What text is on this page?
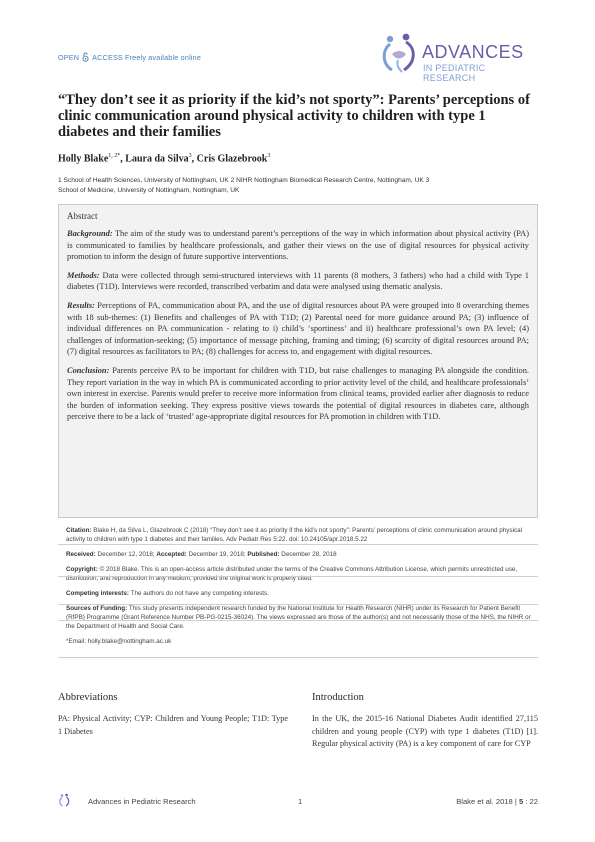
OPEN ACCESS Freely available online	ADVANCES
IN PEDIATRIC RESEARCH
“They don’t see it as priority if the kid’s not sporty”: Parents’ perceptions of clinic communication around physical activity to children with type 1 diabetes and their families
Holly Blake$^{1, 2*}$, Laura da Silva$^3$, Cris Glazebrook$^3$
1 School of Health Sciences, University of Nottingham, UK 2 NIHR Nottingham Biomedical Research Centre, Nottingham, UK 3
School of Medicine, University of Nottingham, Nottingham, UK
Abstract

Background: The aim of the study was to understand parent’s perceptions of the way in which information about physical activity (PA) is communicated to families by healthcare professionals, and gather their views on the use of digital resources for physical activity promotion to inform the design of future supportive interventions.

Methods: Data were collected through semi-structured interviews with 11 parents (8 mothers, 3 fathers) who had a child with Type 1 diabetes (T1D). Interviews were recorded, transcribed verbatim and data were analysed using thematic analysis.

Results: Perceptions of PA, communication about PA, and the use of digital resources about PA were grouped into 8 overarching themes with 18 sub-themes: (1) Benefits and challenges of PA with T1D; (2) Parental need for more guidance around PA; (3) influence of individual differences on PA communication - relating to i) child’s ‘sportiness’ and ii) healthcare professional’s own PA level; (4) challenges of information-seeking; (5) importance of message pitching, framing and timing; (6) scarcity of digital resources around PA; (7) digital resources as facilitators to PA; (8) challenges for access to, and engagement with digital resources.

Conclusion: Parents perceive PA to be important for children with T1D, but raise challenges to managing PA alongside the condition. They report variation in the way in which PA is communicated according to prior activity level of the child, and healthcare professionals’ own interest in exercise. Parents would prefer to receive more information from clinical teams, provided earlier after diagnosis to reduce the burden of information seeking. They express positive views towards the potential of digital resources in diabetes care, although perceive there to be a lack of ‘trusted’ age-appropriate digital resources for PA promotion in children with T1D.

Citation: Blake H, da Silva L, Glazebrook C (2018) “They don’t see it as priority if the kid’s not sporty”: Parents’ perceptions of clinic communication around physical activity to children with type 1 diabetes and their families. Adv Pediatr Res 5:22. doi: 10.24105/apr.2018.5.22
Received: December 12, 2018; Accepted: December 19, 2018; Published: December 28, 2018
Copyright: © 2018 Blake. This is an open-access article distributed under the terms of the Creative Commons Attribution License, which permits unrestricted use, distribution, and reproduction in any medium, provided the original work is properly cited.
Competing interests: The authors do not have any competing interests.
Sources of Funding: This study presents independent research funded by the National Institute for Health Research (NIHR) under its Research for Patient Benefit (RfPB) Programme (Grant Reference Number PB-PG-0215-36024). The views expressed are those of the author(s) and not necessarily those of the NHS, the NIHR or the Department of Health and Social Care.
*Email: holly.blake@nottingham.ac.uk
Abbreviations

PA: Physical Activity; CYP: Children and Young People; T1D: Type 1 Diabetes

Introduction

In the UK, the 2015-16 National Diabetes Audit identified 27,115 children and young people (CYP) with type 1 diabetes (T1D) [1]. Regular physical activity (PA) is a key component of care for CYP

Advances in Pediatric Research	1	Blake et al. 2018 | 5 : 22
